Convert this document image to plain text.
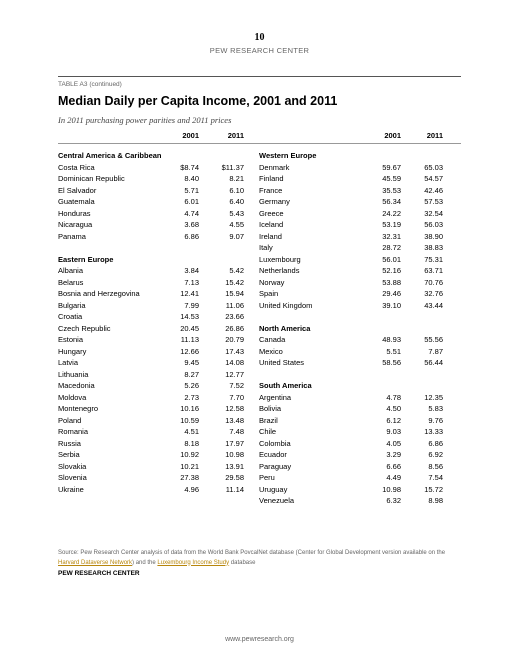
10
PEW RESEARCH CENTER
TABLE A3 (continued)
Median Daily per Capita Income, 2001 and 2011
In 2011 purchasing power parities and 2011 prices
2001	2011	2001	2011
Central America & Caribbean
Costa Rica	$8.74	$11.37
Dominican Republic	8.40	8.21
El Salvador	5.71	6.10
Guatemala	6.01	6.40
Honduras	4.74	5.43
Nicaragua	3.68	4.55
Panama	6.86	9.07
Eastern Europe
Albania	3.84	5.42
Belarus	7.13	15.42
Bosnia and Herzegovina	12.41	15.94
Bulgaria	7.99	11.06
Croatia	14.53	23.66
Czech Republic	20.45	26.86
Estonia	11.13	20.79
Hungary	12.66	17.43
Latvia	9.45	14.08
Lithuania	8.27	12.77
Macedonia	5.26	7.52
Moldova	2.73	7.70
Montenegro	10.16	12.58
Poland	10.59	13.48
Romania	4.51	7.48
Russia	8.18	17.97
Serbia	10.92	10.98
Slovakia	10.21	13.91
Slovenia	27.38	29.58
Ukraine	4.96	11.14
Western Europe
Denmark	59.67	65.03
Finland	45.59	54.57
France	35.53	42.46
Germany	56.34	57.53
Greece	24.22	32.54
Iceland	53.19	56.03
Ireland	32.31	38.90
Italy	28.72	38.83
Luxembourg	56.01	75.31
Netherlands	52.16	63.71
Norway	53.88	70.76
Spain	29.46	32.76
United Kingdom	39.10	43.44
North America
Canada	48.93	55.56
Mexico	5.51	7.87
United States	58.56	56.44
South America
Argentina	4.78	12.35
Bolivia	4.50	5.83
Brazil	6.12	9.76
Chile	9.03	13.33
Colombia	4.05	6.86
Ecuador	3.29	6.92
Paraguay	6.66	8.56
Peru	4.49	7.54
Uruguay	10.98	15.72
Venezuela	6.32	8.98
Source: Pew Research Center analysis of data from the World Bank PovcalNet database (Center for Global Development version available on the Harvard Dataverse Network) and the Luxembourg Income Study database
PEW RESEARCH CENTER
www.pewresearch.org
